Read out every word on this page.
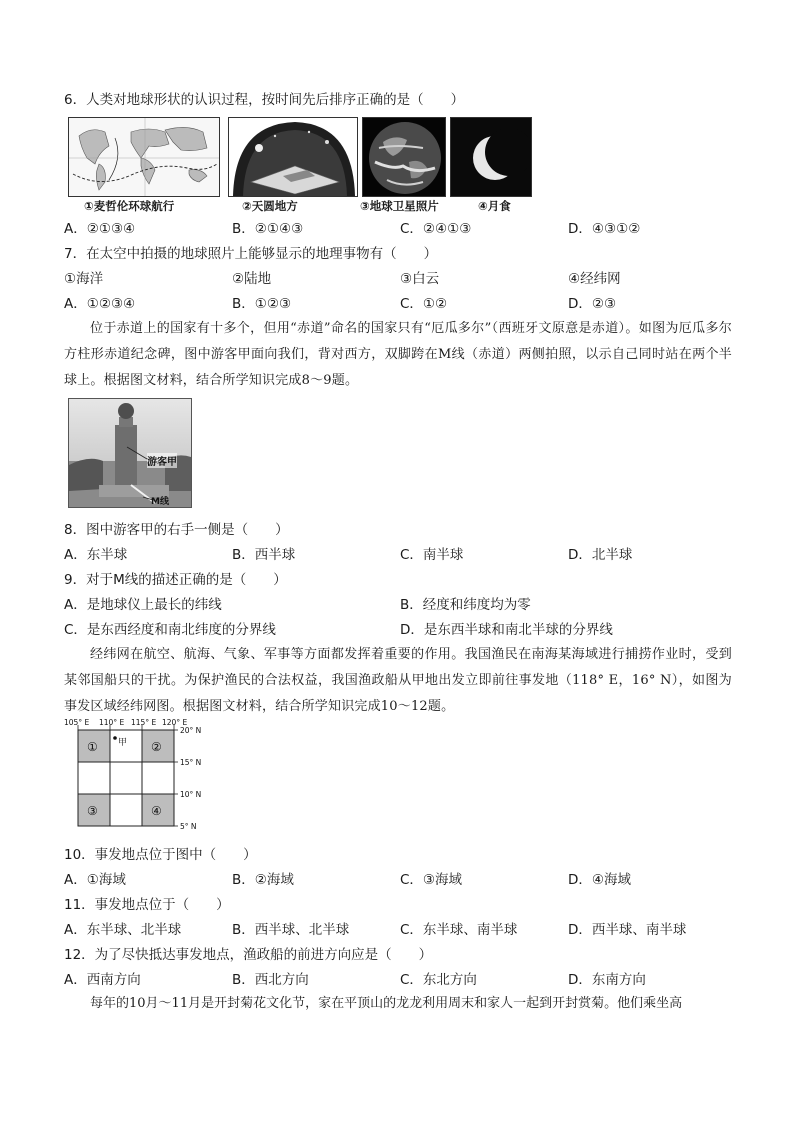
6．人类对地球形状的认识过程，按时间先后排序正确的是（　　）
①麦哲伦环球航行	②天圆地方	③地球卫星照片	④月食
A．②①③④	B．②①④③	C．②④①③	D．④③①②
7．在太空中拍摄的地球照片上能够显示的地理事物有（　　）
①海洋	②陆地	③白云	④经纬网
A．①②③④	B．①②③	C．①②	D．②③
位于赤道上的国家有十多个，但用“赤道”命名的国家只有“厄瓜多尔”（西班牙文原意是赤道）。如图为厄瓜多尔方柱形赤道纪念碑，图中游客甲面向我们，背对西方，双脚跨在M线（赤道）两侧拍照，以示自己同时站在两个半球上。根据图文材料，结合所学知识完成8～9题。
游客甲
M线
8．图中游客甲的右手一侧是（　　）
A．东半球	B．西半球	C．南半球	D．北半球
9．对于M线的描述正确的是（　　）
A．是地球仪上最长的纬线	B．经度和纬度均为零
C．是东西经度和南北纬度的分界线	D．是东西半球和南北半球的分界线
经纬网在航空、航海、气象、军事等方面都发挥着重要的作用。我国渔民在南海某海域进行捕捞作业时，受到某邻国船只的干扰。为保护渔民的合法权益，我国渔政船从甲地出发立即前往事发地（118° E，16° N），如图为事发区域经纬网图。根据图文材料，结合所学知识完成10～12题。
105° E 110° E 115° E 120° E
20° N
15° N
10° N
5° N
①	②
③	④
甲
10．事发地点位于图中（　　）
A．①海域	B．②海域	C．③海域	D．④海域
11．事发地点位于（　　）
A．东半球、北半球	B．西半球、北半球	C．东半球、南半球	D．西半球、南半球
12．为了尽快抵达事发地点，渔政船的前进方向应是（　　）
A．西南方向	B．西北方向	C．东北方向	D．东南方向
每年的10月～11月是开封菊花文化节，家在平顶山的龙龙利用周末和家人一起到开封赏菊。他们乘坐高
